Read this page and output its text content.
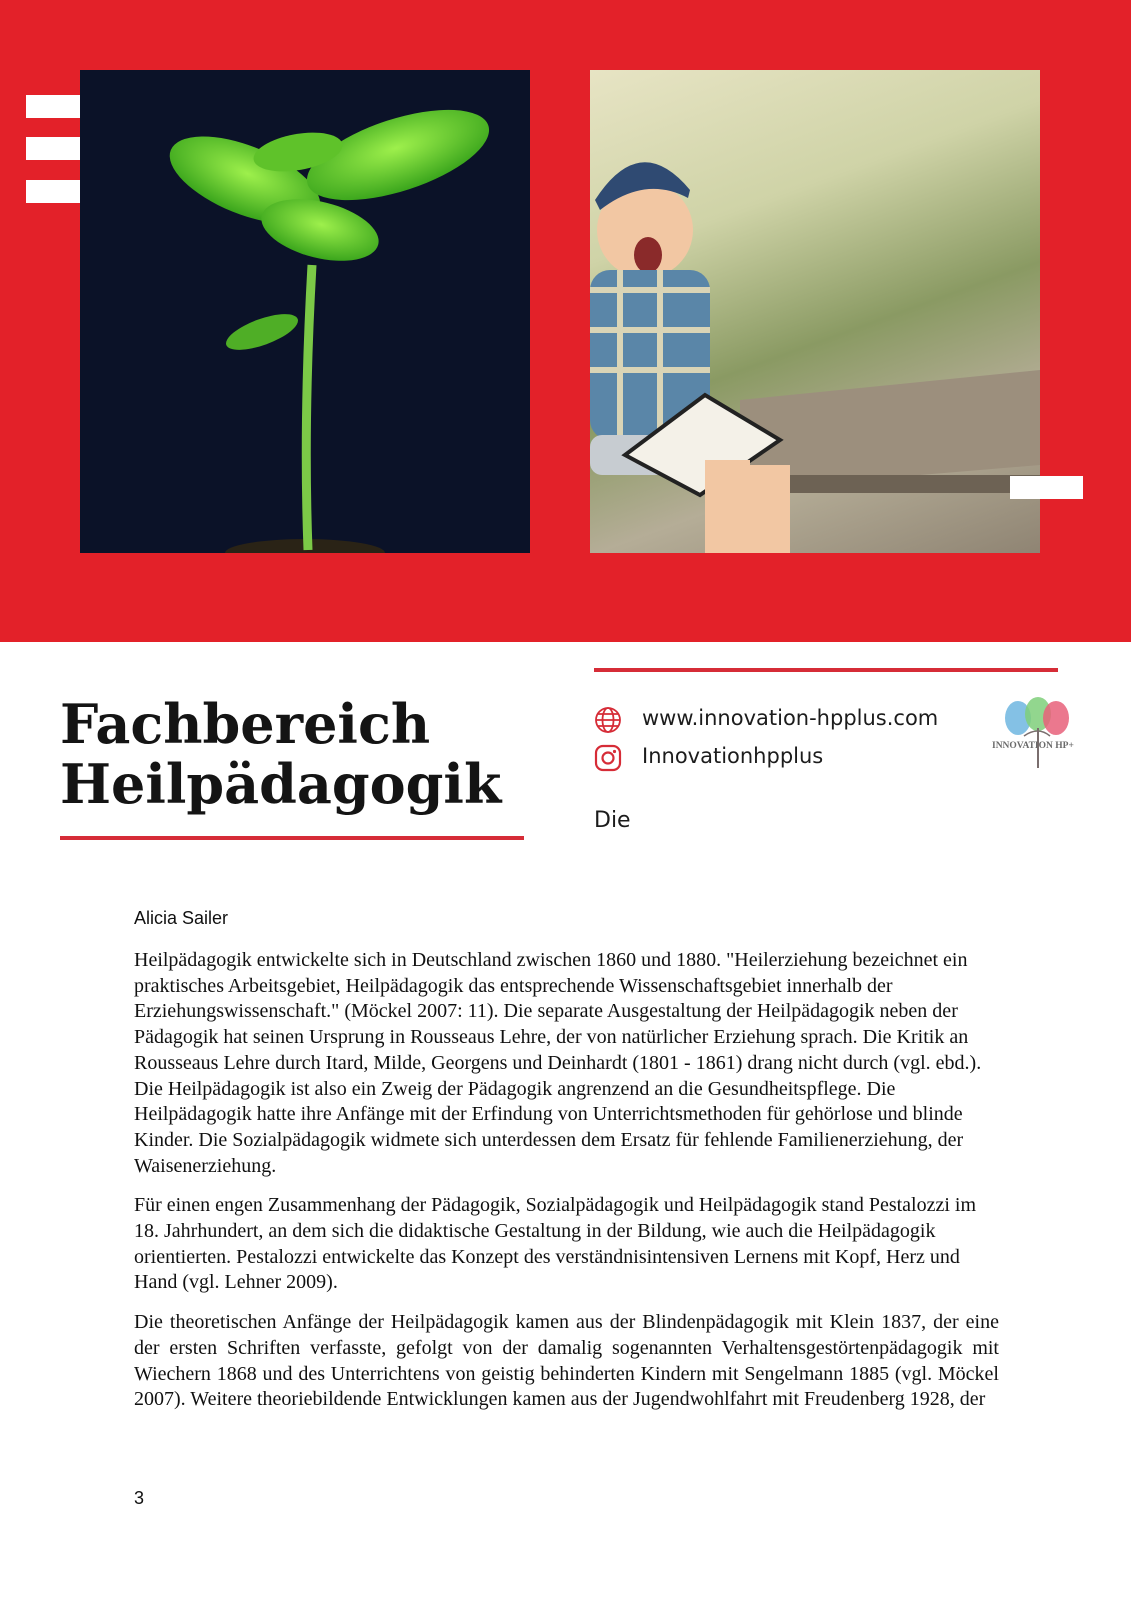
Fachbereich
Heilpädagogik
www.innovation-hpplus.com
Innovationhpplus
Die
INNOVATION HP+
Alicia Sailer

Heilpädagogik entwickelte sich in Deutschland zwischen 1860 und 1880. "Heilerziehung bezeichnet ein praktisches Arbeitsgebiet, Heilpädagogik das entsprechende Wissenschaftsgebiet innerhalb der Erziehungswissenschaft." (Möckel 2007: 11). Die separate Ausgestaltung der Heilpädagogik neben der Pädagogik hat seinen Ursprung in Rousseaus Lehre, der von natürlicher Erziehung sprach. Die Kritik an Rousseaus Lehre durch Itard, Milde, Georgens und Deinhardt (1801 - 1861) drang nicht durch (vgl. ebd.). Die Heilpädagogik ist also ein Zweig der Pädagogik angrenzend an die Gesundheitspflege. Die Heilpädagogik hatte ihre Anfänge mit der Erfindung von Unterrichtsmethoden für gehörlose und blinde Kinder. Die Sozialpädagogik widmete sich unterdessen dem Ersatz für fehlende Familienerziehung, der Waisenerziehung.

Für einen engen Zusammenhang der Pädagogik, Sozialpädagogik und Heilpädagogik stand Pestalozzi im 18. Jahrhundert, an dem sich die didaktische Gestaltung in der Bildung, wie auch die Heilpädagogik orientierten. Pestalozzi entwickelte das Konzept des verständnisintensiven Lernens mit Kopf, Herz und Hand (vgl. Lehner 2009).

Die theoretischen Anfänge der Heilpädagogik kamen aus der Blindenpädagogik mit Klein 1837, der eine der ersten Schriften verfasste, gefolgt von der damalig sogenannten Verhaltensgestörtenpädagogik mit Wiechern 1868 und des Unterrichtens von geistig behinderten Kindern mit Sengelmann 1885 (vgl. Möckel 2007). Weitere theoriebildende Entwicklungen kamen aus der Jugendwohlfahrt mit Freudenberg 1928, der

3
